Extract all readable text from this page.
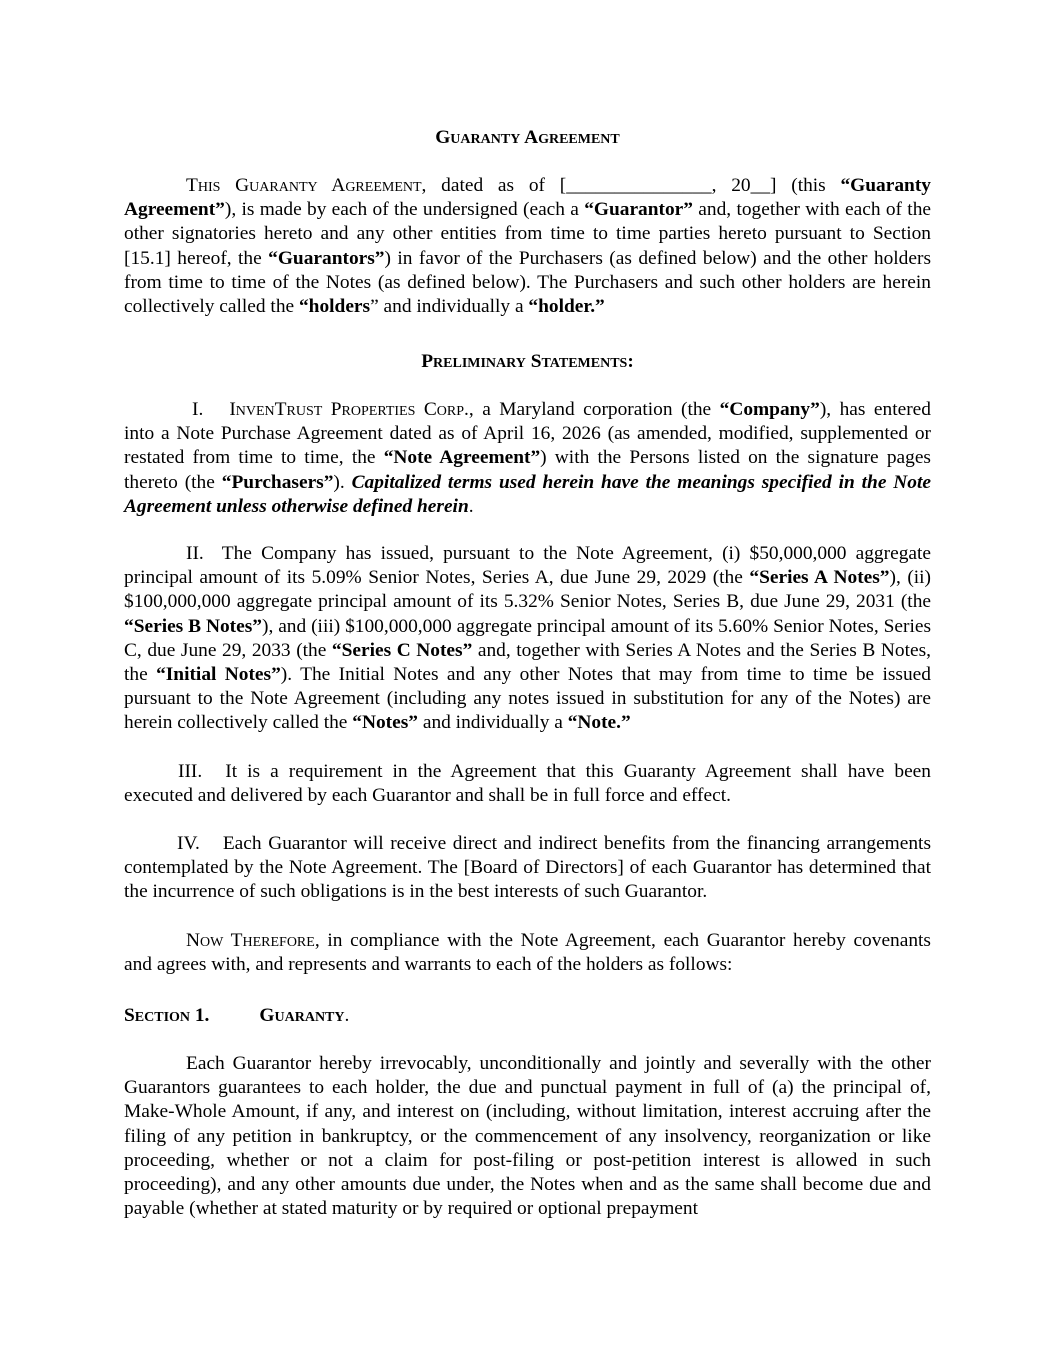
Guaranty Agreement

This Guaranty Agreement, dated as of [_______________, 20__] (this “Guaranty Agreement”), is made by each of the undersigned (each a “Guarantor” and, together with each of the other signatories hereto and any other entities from time to time parties hereto pursuant to Section [15.1] hereof, the “Guarantors”) in favor of the Purchasers (as defined below) and the other holders from time to time of the Notes (as defined below). The Purchasers and such other holders are herein collectively called the “holders” and individually a “holder.”

Preliminary Statements:

I. InvenTrust Properties Corp., a Maryland corporation (the “Company”), has entered into a Note Purchase Agreement dated as of April 16, 2026 (as amended, modified, supplemented or restated from time to time, the “Note Agreement”) with the Persons listed on the signature pages thereto (the “Purchasers”). Capitalized terms used herein have the meanings specified in the Note Agreement unless otherwise defined herein.

II. The Company has issued, pursuant to the Note Agreement, (i) $50,000,000 aggregate principal amount of its 5.09% Senior Notes, Series A, due June 29, 2029 (the “Series A Notes”), (ii) $100,000,000 aggregate principal amount of its 5.32% Senior Notes, Series B, due June 29, 2031 (the “Series B Notes”), and (iii) $100,000,000 aggregate principal amount of its 5.60% Senior Notes, Series C, due June 29, 2033 (the “Series C Notes” and, together with Series A Notes and the Series B Notes, the “Initial Notes”). The Initial Notes and any other Notes that may from time to time be issued pursuant to the Note Agreement (including any notes issued in substitution for any of the Notes) are herein collectively called the “Notes” and individually a “Note.”

III. It is a requirement in the Agreement that this Guaranty Agreement shall have been executed and delivered by each Guarantor and shall be in full force and effect.

IV. Each Guarantor will receive direct and indirect benefits from the financing arrangements contemplated by the Note Agreement. The [Board of Directors] of each Guarantor has determined that the incurrence of such obligations is in the best interests of such Guarantor.

Now Therefore, in compliance with the Note Agreement, each Guarantor hereby covenants and agrees with, and represents and warrants to each of the holders as follows:

Section 1.	Guaranty.

Each Guarantor hereby irrevocably, unconditionally and jointly and severally with the other Guarantors guarantees to each holder, the due and punctual payment in full of (a) the principal of, Make-Whole Amount, if any, and interest on (including, without limitation, interest accruing after the filing of any petition in bankruptcy, or the commencement of any insolvency, reorganization or like proceeding, whether or not a claim for post-filing or post-petition interest is allowed in such proceeding), and any other amounts due under, the Notes when and as the same shall become due and payable (whether at stated maturity or by required or optional prepayment
